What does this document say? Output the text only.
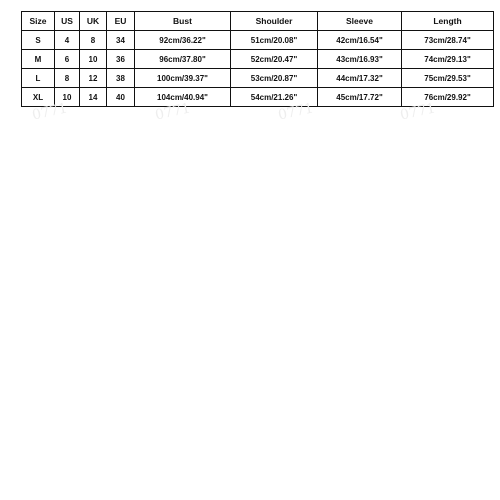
Size	US	UK	EU	Bust	Shoulder	Sleeve	Length
S	4	8	34	92cm/36.22"	51cm/20.08"	42cm/16.54"	73cm/28.74"
M	6	10	36	96cm/37.80"	52cm/20.47"	43cm/16.93"	74cm/29.13"
L	8	12	38	100cm/39.37"	53cm/20.87"	44cm/17.32"	75cm/29.53"
XL	10	14	40	104cm/40.94"	54cm/21.26"	45cm/17.72"	76cm/29.92"
0771	0771	0771	0771
